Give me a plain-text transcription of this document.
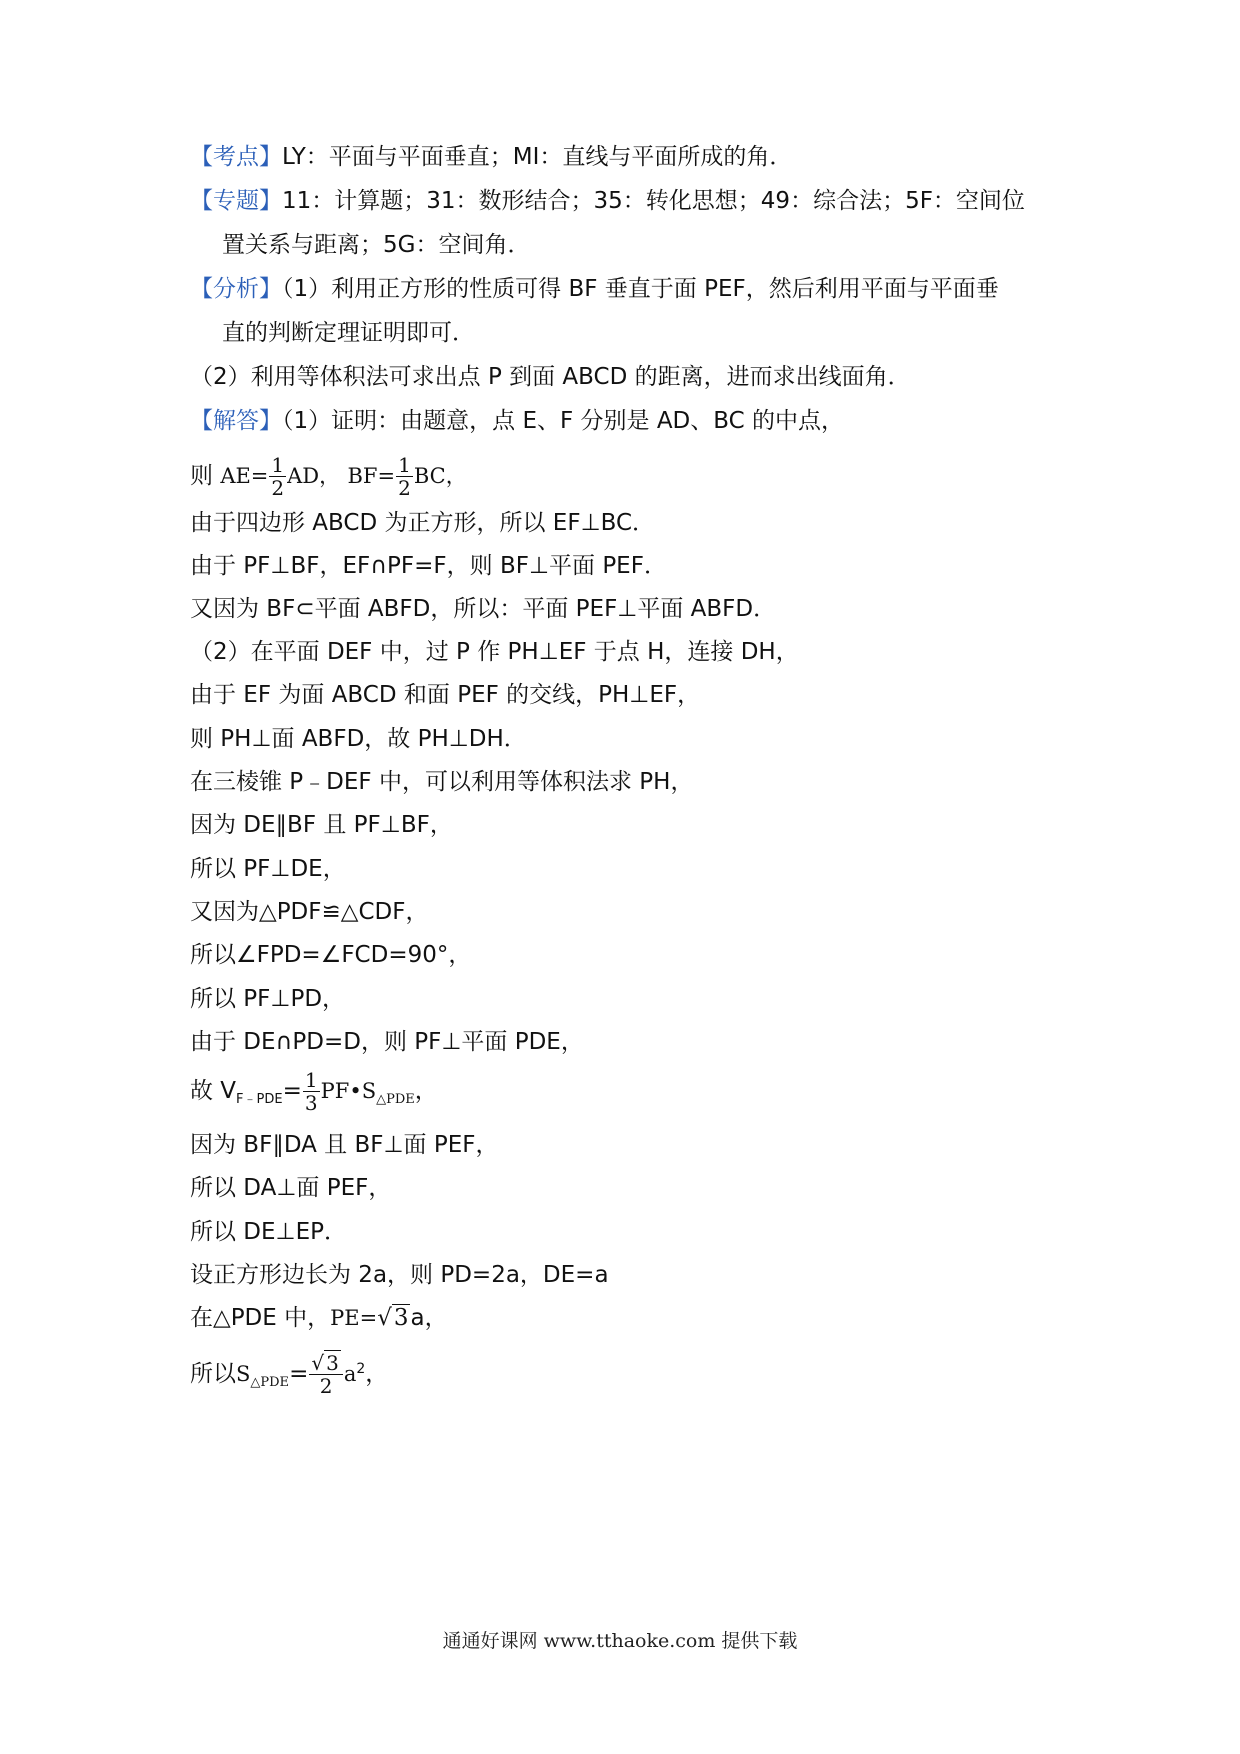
【考点】LY：平面与平面垂直；MI：直线与平面所成的角．
【专题】11：计算题；31：数形结合；35：转化思想；49：综合法；5F：空间位
置关系与距离；5G：空间角．
【分析】（1）利用正方形的性质可得 BF 垂直于面 PEF，然后利用平面与平面垂
直的判断定理证明即可．
（2）利用等体积法可求出点 P 到面 ABCD 的距离，进而求出线面角．
【解答】（1）证明：由题意，点 E、F 分别是 AD、BC 的中点，
则 $AE= \frac{1}{2}$ AD， $BF= \frac{1}{2}$ BC，
由于四边形 ABCD 为正方形，所以 EF⊥BC．
由于 PF⊥BF，EF∩PF=F，则 BF⊥平面 PEF．
又因为 BF⊂平面 ABFD，所以：平面 PEF⊥平面 ABFD．
（2）在平面 DEF 中，过 P 作 PH⊥EF 于点 H，连接 DH，
由于 EF 为面 ABCD 和面 PEF 的交线，PH⊥EF，
则 PH⊥面 ABFD，故 PH⊥DH．
在三棱锥 P﹣DEF 中，可以利用等体积法求 PH，
因为 DE∥BF 且 PF⊥BF，
所以 PF⊥DE，
又因为△PDF≌△CDF，
所以∠FPD=∠FCD=90°，
所以 PF⊥PD，
由于 DE∩PD=D，则 PF⊥平面 PDE，
故 $V_{F﹣PDE}= \frac{1}{3}$ $PF•S_{\triangle PDE}$，
因为 BF∥DA 且 BF⊥面 PEF，
所以 DA⊥面 PEF，
所以 DE⊥EP．
设正方形边长为 2a，则 PD=2a，DE=a
在△PDE 中，PE=√3a，
所以$S_{\triangle PDE}= \frac{√ 3}{2} a^2$，
通通好课网 www.tthaoke.com 提供下载
